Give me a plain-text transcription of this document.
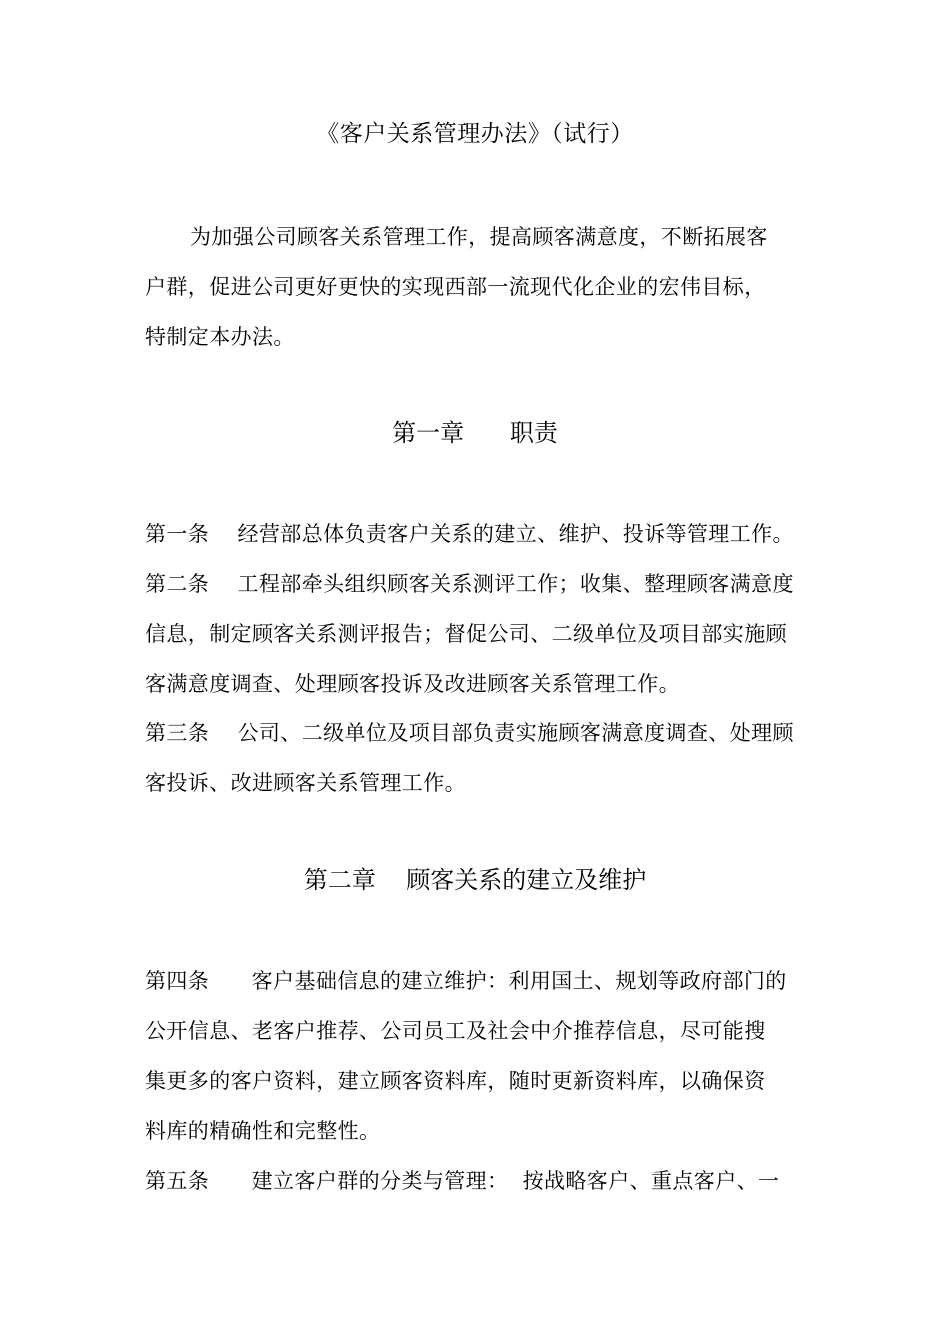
《客户关系管理办法》（试行）
为加强公司顾客关系管理工作，提高顾客满意度，不断拓展客
户群，促进公司更好更快的实现西部一流现代化企业的宏伟目标，
特制定本办法。
第一章      职责
第一条    经营部总体负责客户关系的建立、维护、投诉等管理工作。
第二条    工程部牵头组织顾客关系测评工作；收集、整理顾客满意度
信息，制定顾客关系测评报告；督促公司、二级单位及项目部实施顾
客满意度调查、处理顾客投诉及改进顾客关系管理工作。
第三条    公司、二级单位及项目部负责实施顾客满意度调查、处理顾
客投诉、改进顾客关系管理工作。
第二章    顾客关系的建立及维护
第四条      客户基础信息的建立维护：利用国土、规划等政府部门的
公开信息、老客户推荐、公司员工及社会中介推荐信息，尽可能搜
集更多的客户资料，建立顾客资料库，随时更新资料库，以确保资
料库的精确性和完整性。
第五条      建立客户群的分类与管理：  按战略客户、重点客户、一
